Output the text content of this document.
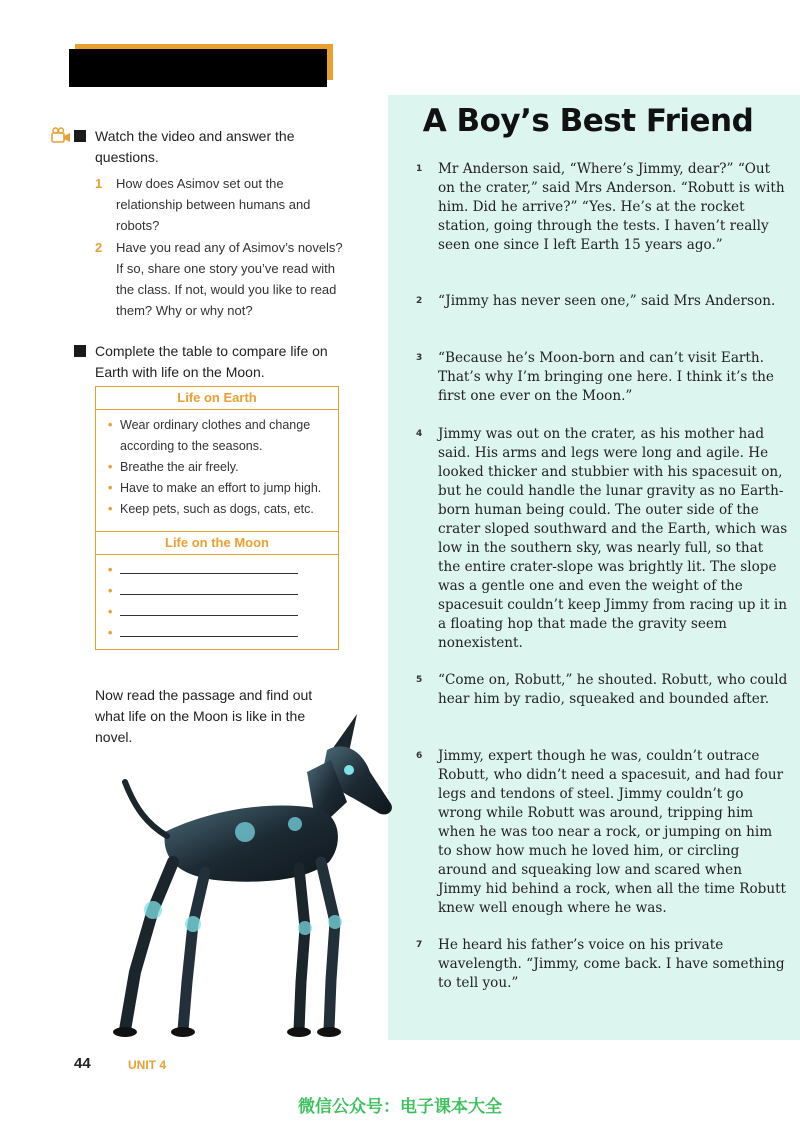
A Boy’s Best Friend
1 Mr Anderson said, “Where’s Jimmy, dear?” “Out on the crater,” said Mrs Anderson. “Robutt is with him. Did he arrive?” “Yes. He’s at the rocket station, going through the tests. I haven’t really seen one since I left Earth 15 years ago.”
2 “Jimmy has never seen one,” said Mrs Anderson.
3 “Because he’s Moon-born and can’t visit Earth. That’s why I’m bringing one here. I think it’s the first one ever on the Moon.”
4 Jimmy was out on the crater, as his mother had said. His arms and legs were long and agile. He looked thicker and stubbier with his spacesuit on, but he could handle the lunar gravity as no Earth-born human being could. The outer side of the crater sloped southward and the Earth, which was low in the southern sky, was nearly full, so that the entire crater-slope was brightly lit. The slope was a gentle one and even the weight of the spacesuit couldn’t keep Jimmy from racing up it in a floating hop that made the gravity seem nonexistent.
5 “Come on, Robutt,” he shouted. Robutt, who could hear him by radio, squeaked and bounded after.
6 Jimmy, expert though he was, couldn’t outrace Robutt, who didn’t need a spacesuit, and had four legs and tendons of steel. Jimmy couldn’t go wrong while Robutt was around, tripping him when he was too near a rock, or jumping on him to show how much he loved him, or circling around and squeaking low and scared when Jimmy hid behind a rock, when all the time Robutt knew well enough where he was.
7 He heard his father’s voice on his private wavelength. “Jimmy, come back. I have something to tell you.”
Watch the video and answer the questions.
1	How does Asimov set out the relationship between humans and robots?
2	Have you read any of Asimov’s novels? If so, share one story you’ve read with the class. If not, would you like to read them? Why or why not?
Complete the table to compare life on Earth with life on the Moon.
Life on Earth
• Wear ordinary clothes and change according to the seasons.
• Breathe the air freely.
• Have to make an effort to jump high.
• Keep pets, such as dogs, cats, etc.
Life on the Moon
•
•
•
•
Now read the passage and find out what life on the Moon is like in the novel.
44	UNIT 4
微信公众号：电子课本大全
